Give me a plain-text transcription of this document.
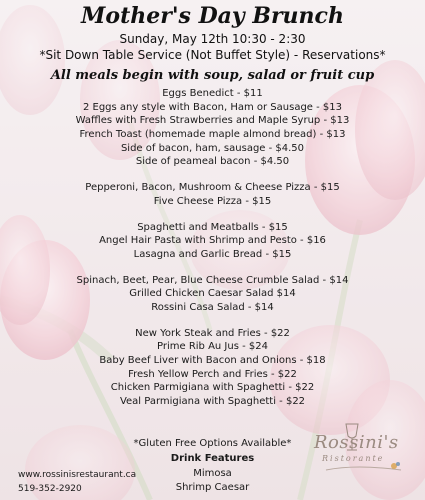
Mother's Day Brunch
Sunday, May 12th 10:30 - 2:30
*Sit Down Table Service (Not Buffet Style) - Reservations*
All meals begin with soup, salad or fruit cup
Eggs Benedict - $11
2 Eggs any style with Bacon, Ham or Sausage - $13
Waffles with Fresh Strawberries and Maple Syrup - $13
French Toast (homemade maple almond bread) - $13
Side of bacon, ham, sausage - $4.50
Side of peameal bacon - $4.50
Pepperoni, Bacon, Mushroom & Cheese Pizza - $15
Five Cheese Pizza - $15
Spaghetti and Meatballs - $15
Angel Hair Pasta with Shrimp and Pesto - $16
Lasagna and Garlic Bread - $15
Spinach, Beet, Pear, Blue Cheese Crumble Salad - $14
Grilled Chicken Caesar Salad $14
Rossini Casa Salad - $14
New York Steak and Fries - $22
Prime Rib Au Jus - $24
Baby Beef Liver with Bacon and Onions - $18
Fresh Yellow Perch and Fries - $22
Chicken Parmigiana with Spaghetti - $22
Veal Parmigiana with Spaghetti - $22
*Gluten Free Options Available*
Drink Features
Mimosa
Shrimp Caesar
www.rossinisrestaurant.ca
519-352-2920
Rossini's
Ristorante
